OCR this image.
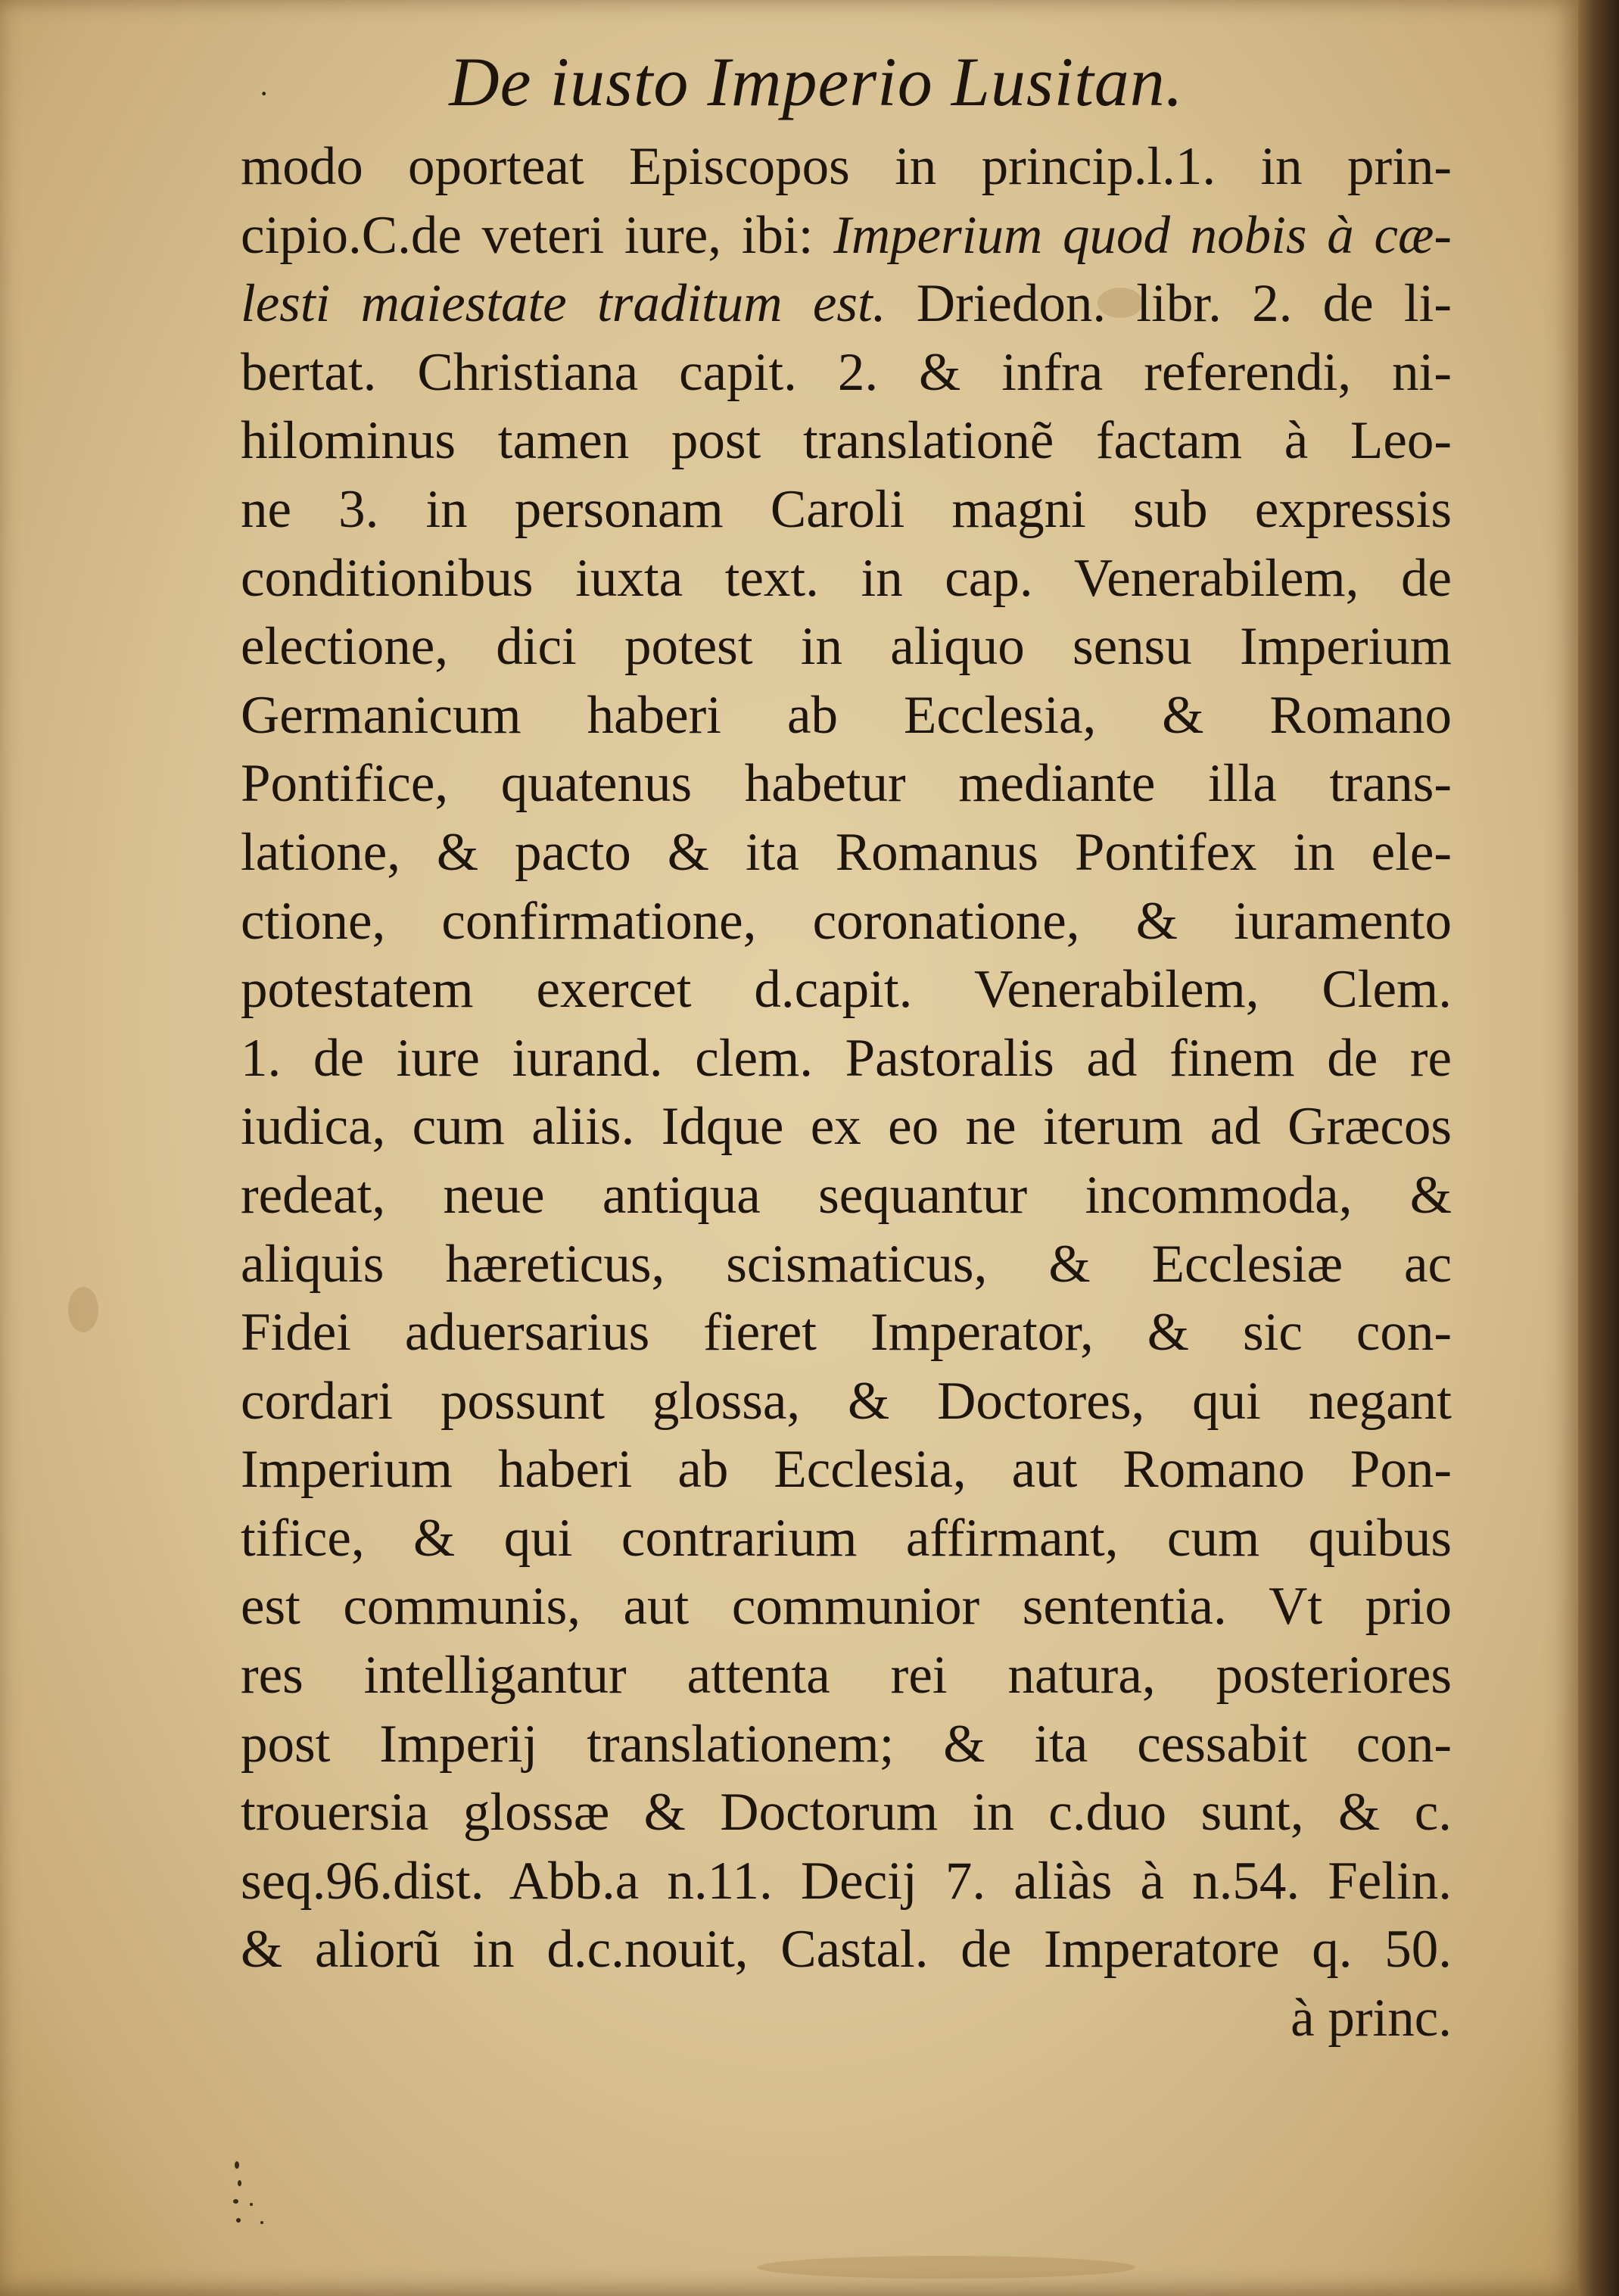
·	De iusto Imperio Lusitan.
modo oporteat Episcopos in princip.l.1. in prin-
cipio.C.de veteri iure, ibi: Imperium quod nobis à cæ-
lesti maiestate traditum est. Driedon. libr. 2. de li-
bertat. Christiana capit. 2. & infra referendi, ni-
hilominus tamen post translationẽ factam à Leo-
ne 3. in personam Caroli magni sub expressis
conditionibus iuxta text. in cap. Venerabilem, de
electione, dici potest in aliquo sensu Imperium
Germanicum haberi ab Ecclesia, & Romano
Pontifice, quatenus habetur mediante illa trans-
latione, & pacto & ita Romanus Pontifex in ele-
ctione, confirmatione, coronatione, & iuramento
potestatem exercet d.capit. Venerabilem, Clem.
1. de iure iurand. clem. Pastoralis ad finem de re
iudica, cum aliis. Idque ex eo ne iterum ad Græcos
redeat, neue antiqua sequantur incommoda, &
aliquis hæreticus, scismaticus, & Ecclesiæ ac
Fidei aduersarius fieret Imperator, & sic con-
cordari possunt glossa, & Doctores, qui negant
Imperium haberi ab Ecclesia, aut Romano Pon-
tifice, & qui contrarium affirmant, cum quibus
est communis, aut communior sententia. Vt prio
res intelligantur attenta rei natura, posteriores
post Imperij translationem; & ita cessabit con-
trouersia glossæ & Doctorum in c.duo sunt, & c.
seq.96.dist. Abb.a n.11. Decij 7. aliàs à n.54. Felin.
& aliorũ in d.c.nouit, Castal. de Imperatore q. 50.
à princ.
